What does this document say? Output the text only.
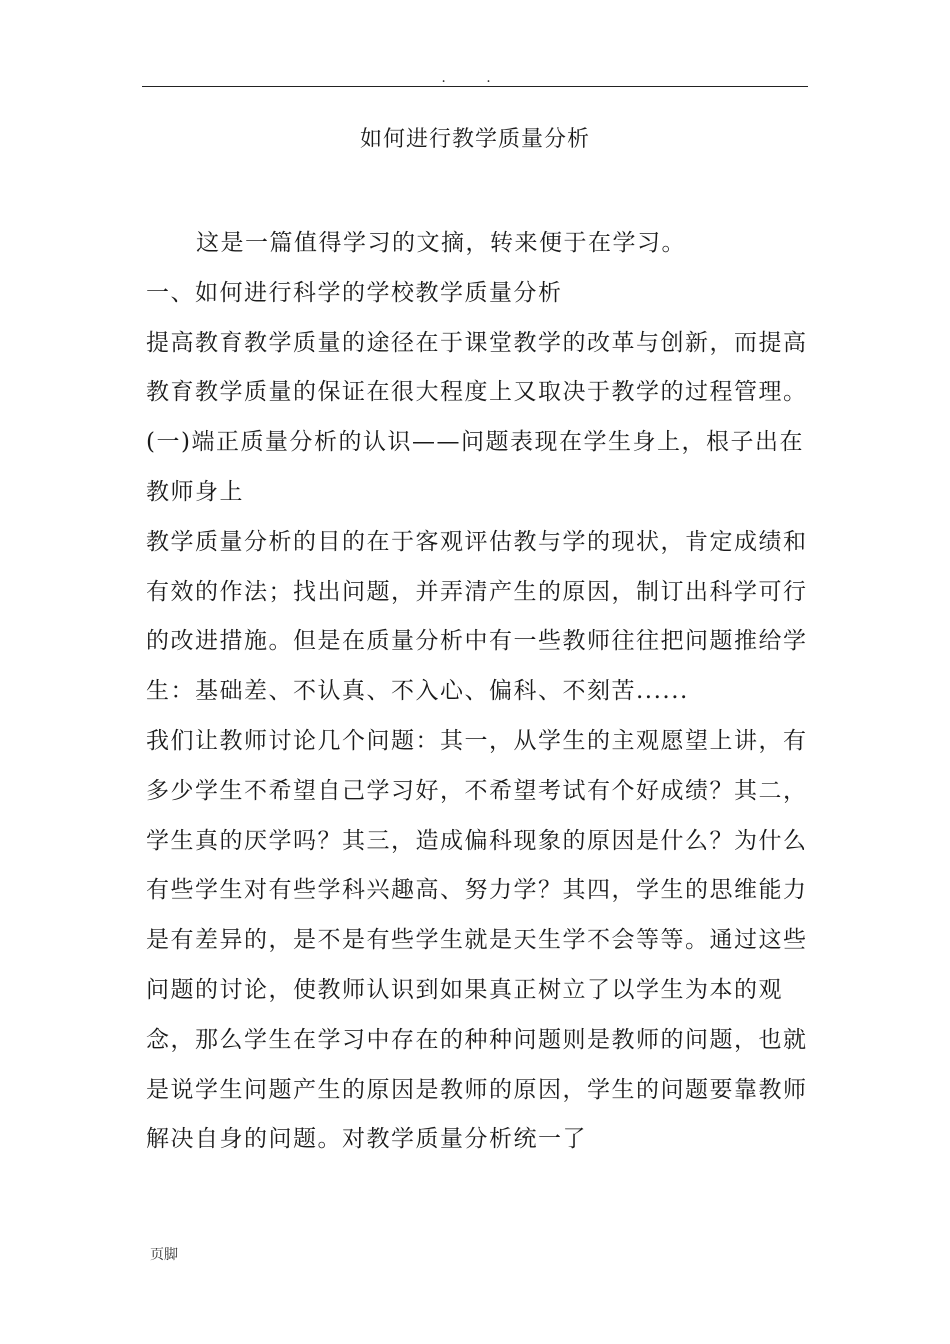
. .
如何进行教学质量分析

这是一篇值得学习的文摘，转来便于在学习。

一、如何进行科学的学校教学质量分析

提高教育教学质量的途径在于课堂教学的改革与创新，而提高教育教学质量的保证在很大程度上又取决于教学的过程管理。

(一)端正质量分析的认识——问题表现在学生身上，根子出在教师身上

教学质量分析的目的在于客观评估教与学的现状，肯定成绩和有效的作法；找出问题，并弄清产生的原因，制订出科学可行的改进措施。但是在质量分析中有一些教师往往把问题推给学生：基础差、不认真、不入心、偏科、不刻苦......

我们让教师讨论几个问题：其一，从学生的主观愿望上讲，有多少学生不希望自己学习好，不希望考试有个好成绩？其二，学生真的厌学吗？其三，造成偏科现象的原因是什么？为什么有些学生对有些学科兴趣高、努力学？其四，学生的思维能力是有差异的，是不是有些学生就是天生学不会等等。通过这些问题的讨论，使教师认识到如果真正树立了以学生为本的观念，那么学生在学习中存在的种种问题则是教师的问题，也就是说学生问题产生的原因是教师的原因，学生的问题要靠教师解决自身的问题。对教学质量分析统一了

页脚
